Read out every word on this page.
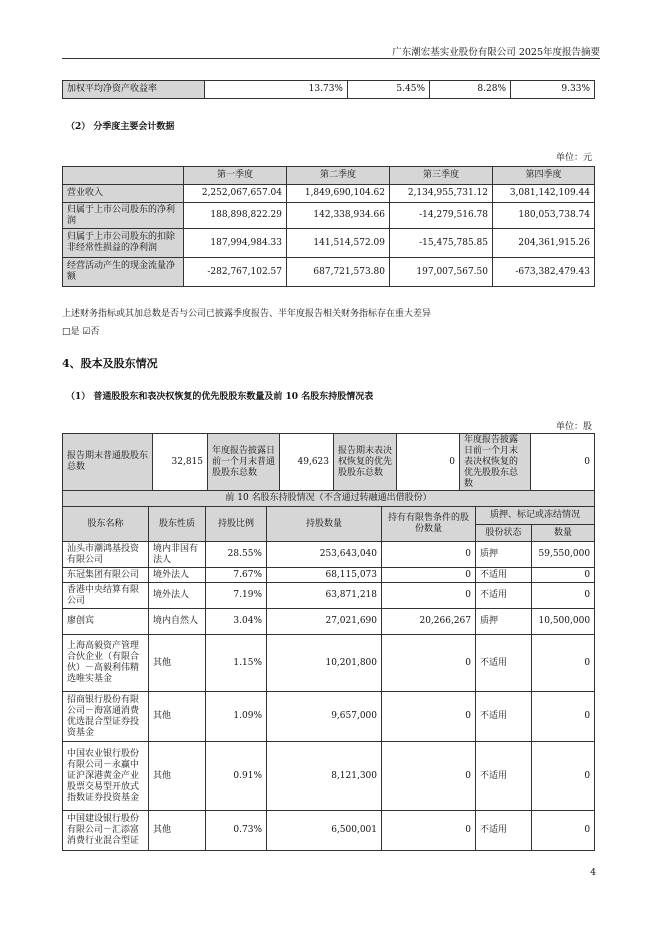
广东潮宏基实业股份有限公司 2025年度报告摘要
加权平均净资产收益率	13.73%	5.45%	8.28%	9.33%
（2） 分季度主要会计数据
单位：元
	第一季度	第二季度	第三季度	第四季度
营业收入	2,252,067,657.04	1,849,690,104.62	2,134,955,731.12	3,081,142,109.44
归属于上市公司股东的净利润	188,898,822.29	142,338,934.66	-14,279,516.78	180,053,738.74
归属于上市公司股东的扣除非经常性损益的净利润	187,994,984.33	141,514,572.09	-15,475,785.85	204,361,915.26
经营活动产生的现金流量净额	-282,767,102.57	687,721,573.80	197,007,567.50	-673,382,479.43
上述财务指标或其加总数是否与公司已披露季度报告、半年度报告相关财务指标存在重大差异
□是 ☑否
4、股本及股东情况
（1） 普通股股东和表决权恢复的优先股股东数量及前 10 名股东持股情况表
单位：股
报告期末普通股股东总数	32,815	年度报告披露日前一个月末普通股股东总数	49,623	报告期末表决权恢复的优先股股东总数	0	年度报告披露日前一个月末表决权恢复的优先股股东总数	0
前 10 名股东持股情况（不含通过转融通出借股份）						
股东名称	股东性质	持股比例	持股数量	持有有限售条件的股份数量	质押、标记或冻结情况	
					股份状态	数量
汕头市潮鸿基投资有限公司	境内非国有法人	28.55%	253,643,040	0	质押	59,550,000
东冠集团有限公司	境外法人	7.67%	68,115,073	0	不适用	0
香港中央结算有限公司	境外法人	7.19%	63,871,218	0	不适用	0
廖创宾	境内自然人	3.04%	27,021,690	20,266,267	质押	10,500,000
上海高毅资产管理合伙企业（有限合伙）－高毅利伟精选唯实基金	其他	1.15%	10,201,800	0	不适用	0
招商银行股份有限公司－海富通消费优选混合型证券投资基金	其他	1.09%	9,657,000	0	不适用	0
中国农业银行股份有限公司－永赢中证沪深港黄金产业股票交易型开放式指数证券投资基金	其他	0.91%	8,121,300	0	不适用	0
中国建设银行股份有限公司－汇添富消费行业混合型证	其他	0.73%	6,500,001	0	不适用	0
4
